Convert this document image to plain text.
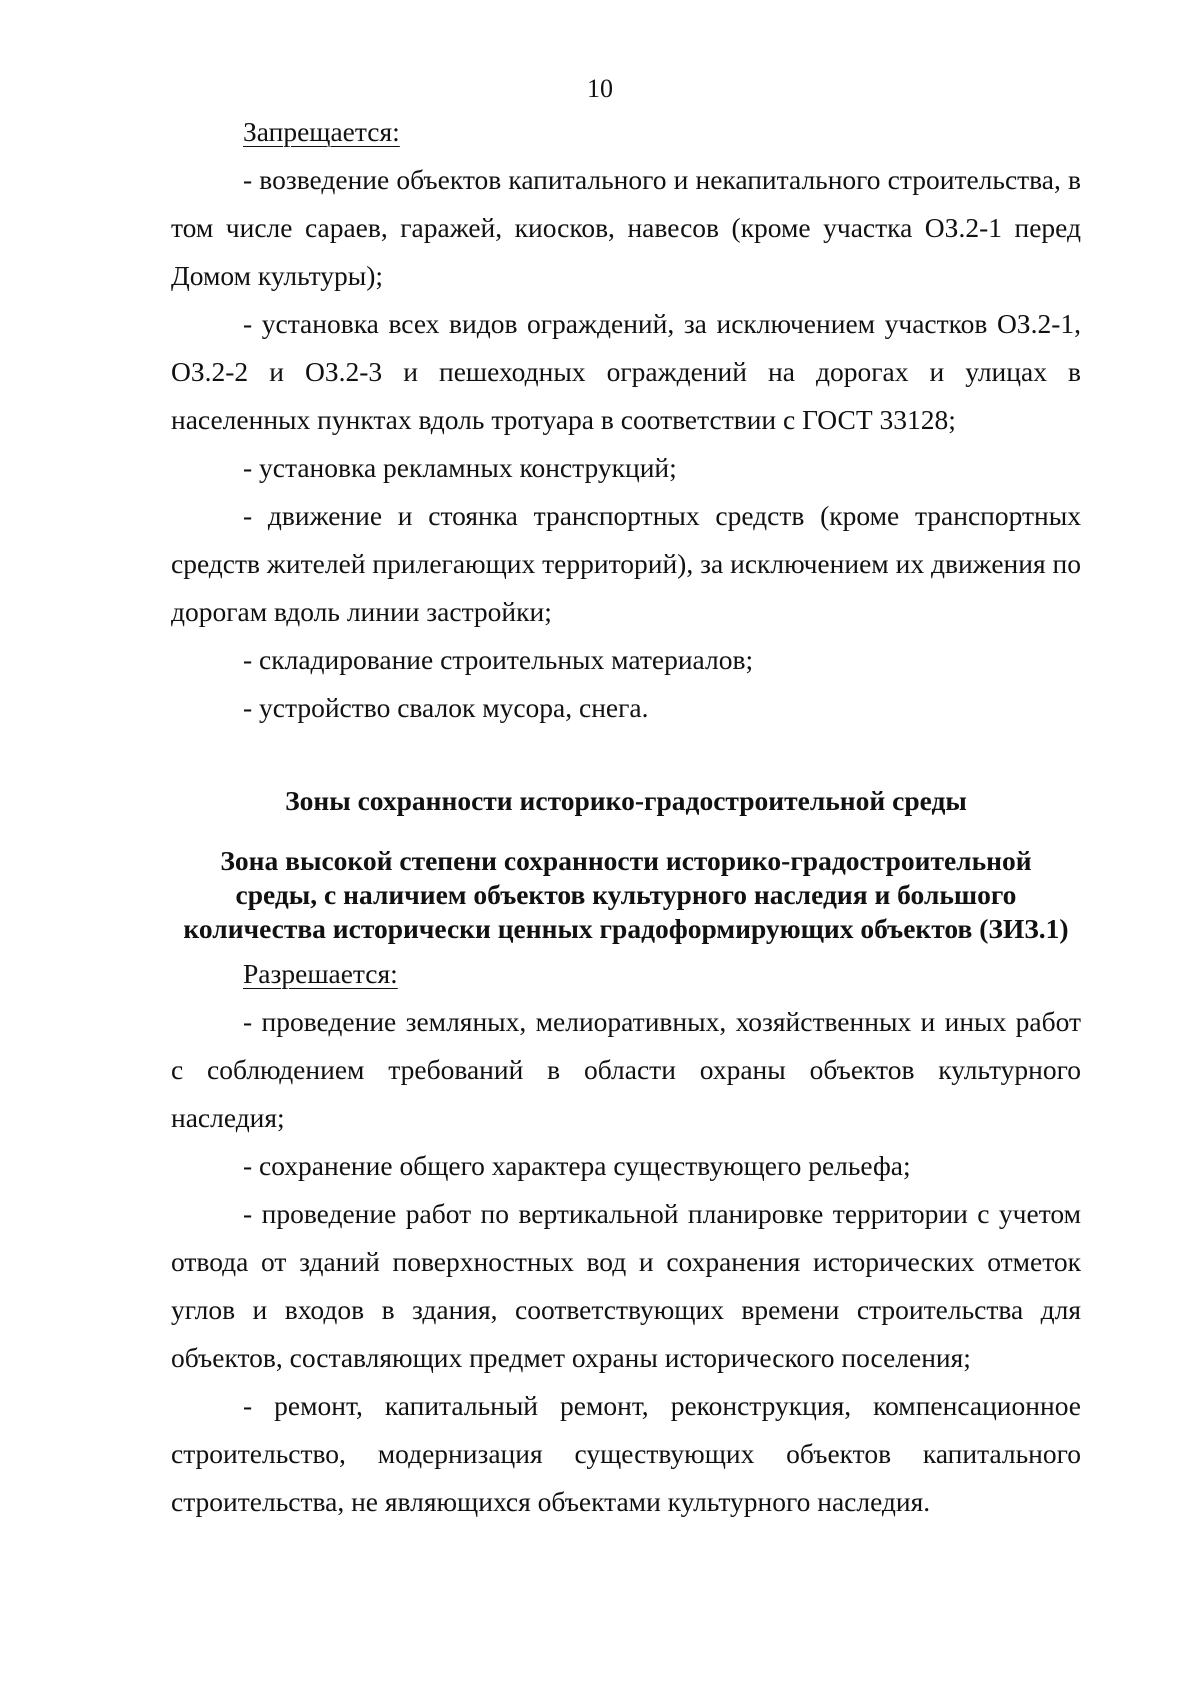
10

Запрещается:

- возведение объектов капитального и некапитального строительства, в том числе сараев, гаражей, киосков, навесов (кроме участка ОЗ.2-1 перед Домом культуры);

- установка всех видов ограждений, за исключением участков ОЗ.2-1, ОЗ.2-2 и ОЗ.2-3 и пешеходных ограждений на дорогах и улицах в населенных пунктах вдоль тротуара в соответствии с ГОСТ 33128;

- установка рекламных конструкций;

- движение и стоянка транспортных средств (кроме транспортных средств жителей прилегающих территорий), за исключением их движения по дорогам вдоль линии застройки;

- складирование строительных материалов;

- устройство свалок мусора, снега.

Зоны сохранности историко-градостроительной среды
Зона высокой степени сохранности историко-градостроительной
среды, с наличием объектов культурного наследия и большого
количества исторически ценных градоформирующих объектов (ЗИЗ.1)

Разрешается:

- проведение земляных, мелиоративных, хозяйственных и иных работ с соблюдением требований в области охраны объектов культурного наследия;

- сохранение общего характера существующего рельефа;

- проведение работ по вертикальной планировке территории с учетом отвода от зданий поверхностных вод и сохранения исторических отметок углов и входов в здания, соответствующих времени строительства для объектов, составляющих предмет охраны исторического поселения;

- ремонт, капитальный ремонт, реконструкция, компенсационное строительство, модернизация существующих объектов капитального строительства, не являющихся объектами культурного наследия.
